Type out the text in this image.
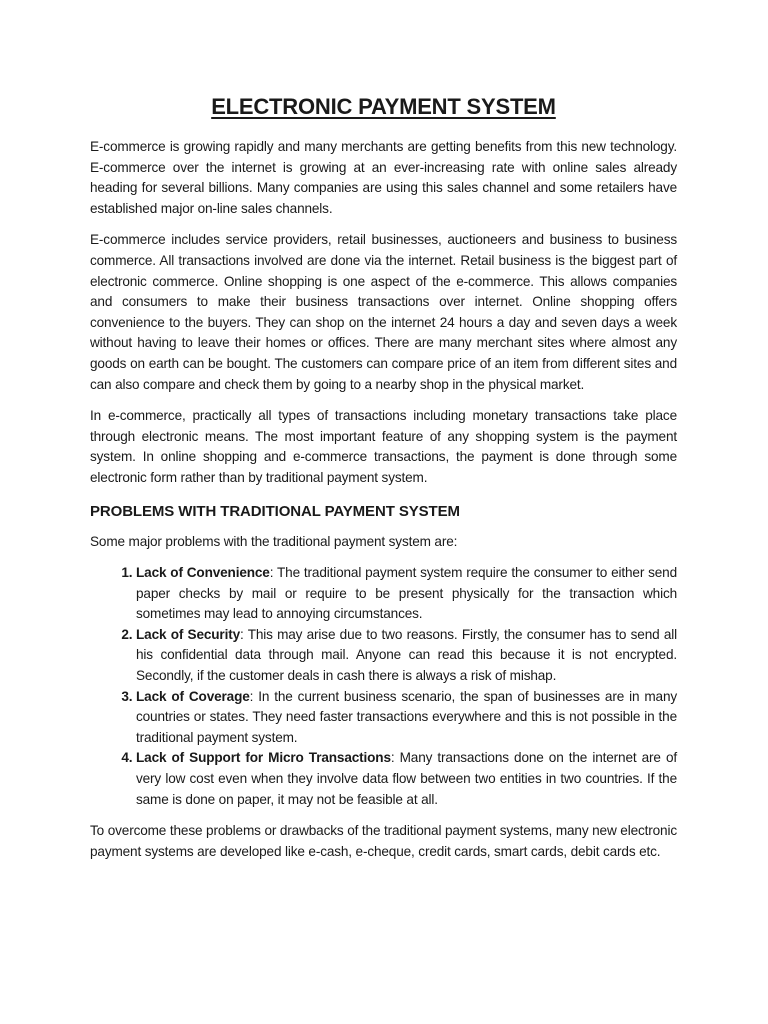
ELECTRONIC PAYMENT SYSTEM

E-commerce is growing rapidly and many merchants are getting benefits from this new technology. E-commerce over the internet is growing at an ever-increasing rate with online sales already heading for several billions. Many companies are using this sales channel and some retailers have established major on-line sales channels.

E-commerce includes service providers, retail businesses, auctioneers and business to business commerce. All transactions involved are done via the internet. Retail business is the biggest part of electronic commerce. Online shopping is one aspect of the e-commerce. This allows companies and consumers to make their business transactions over internet. Online shopping offers convenience to the buyers. They can shop on the internet 24 hours a day and seven days a week without having to leave their homes or offices. There are many merchant sites where almost any goods on earth can be bought. The customers can compare price of an item from different sites and can also compare and check them by going to a nearby shop in the physical market.

In e-commerce, practically all types of transactions including monetary transactions take place through electronic means. The most important feature of any shopping system is the payment system. In online shopping and e-commerce transactions, the payment is done through some electronic form rather than by traditional payment system.

PROBLEMS WITH TRADITIONAL PAYMENT SYSTEM

Some major problems with the traditional payment system are:

1. Lack of Convenience: The traditional payment system require the consumer to either send paper checks by mail or require to be present physically for the transaction which sometimes may lead to annoying circumstances.
2. Lack of Security: This may arise due to two reasons. Firstly, the consumer has to send all his confidential data through mail. Anyone can read this because it is not encrypted. Secondly, if the customer deals in cash there is always a risk of mishap.
3. Lack of Coverage: In the current business scenario, the span of businesses are in many countries or states. They need faster transactions everywhere and this is not possible in the traditional payment system.
4. Lack of Support for Micro Transactions: Many transactions done on the internet are of very low cost even when they involve data flow between two entities in two countries. If the same is done on paper, it may not be feasible at all.

To overcome these problems or drawbacks of the traditional payment systems, many new electronic payment systems are developed like e-cash, e-cheque, credit cards, smart cards, debit cards etc.
